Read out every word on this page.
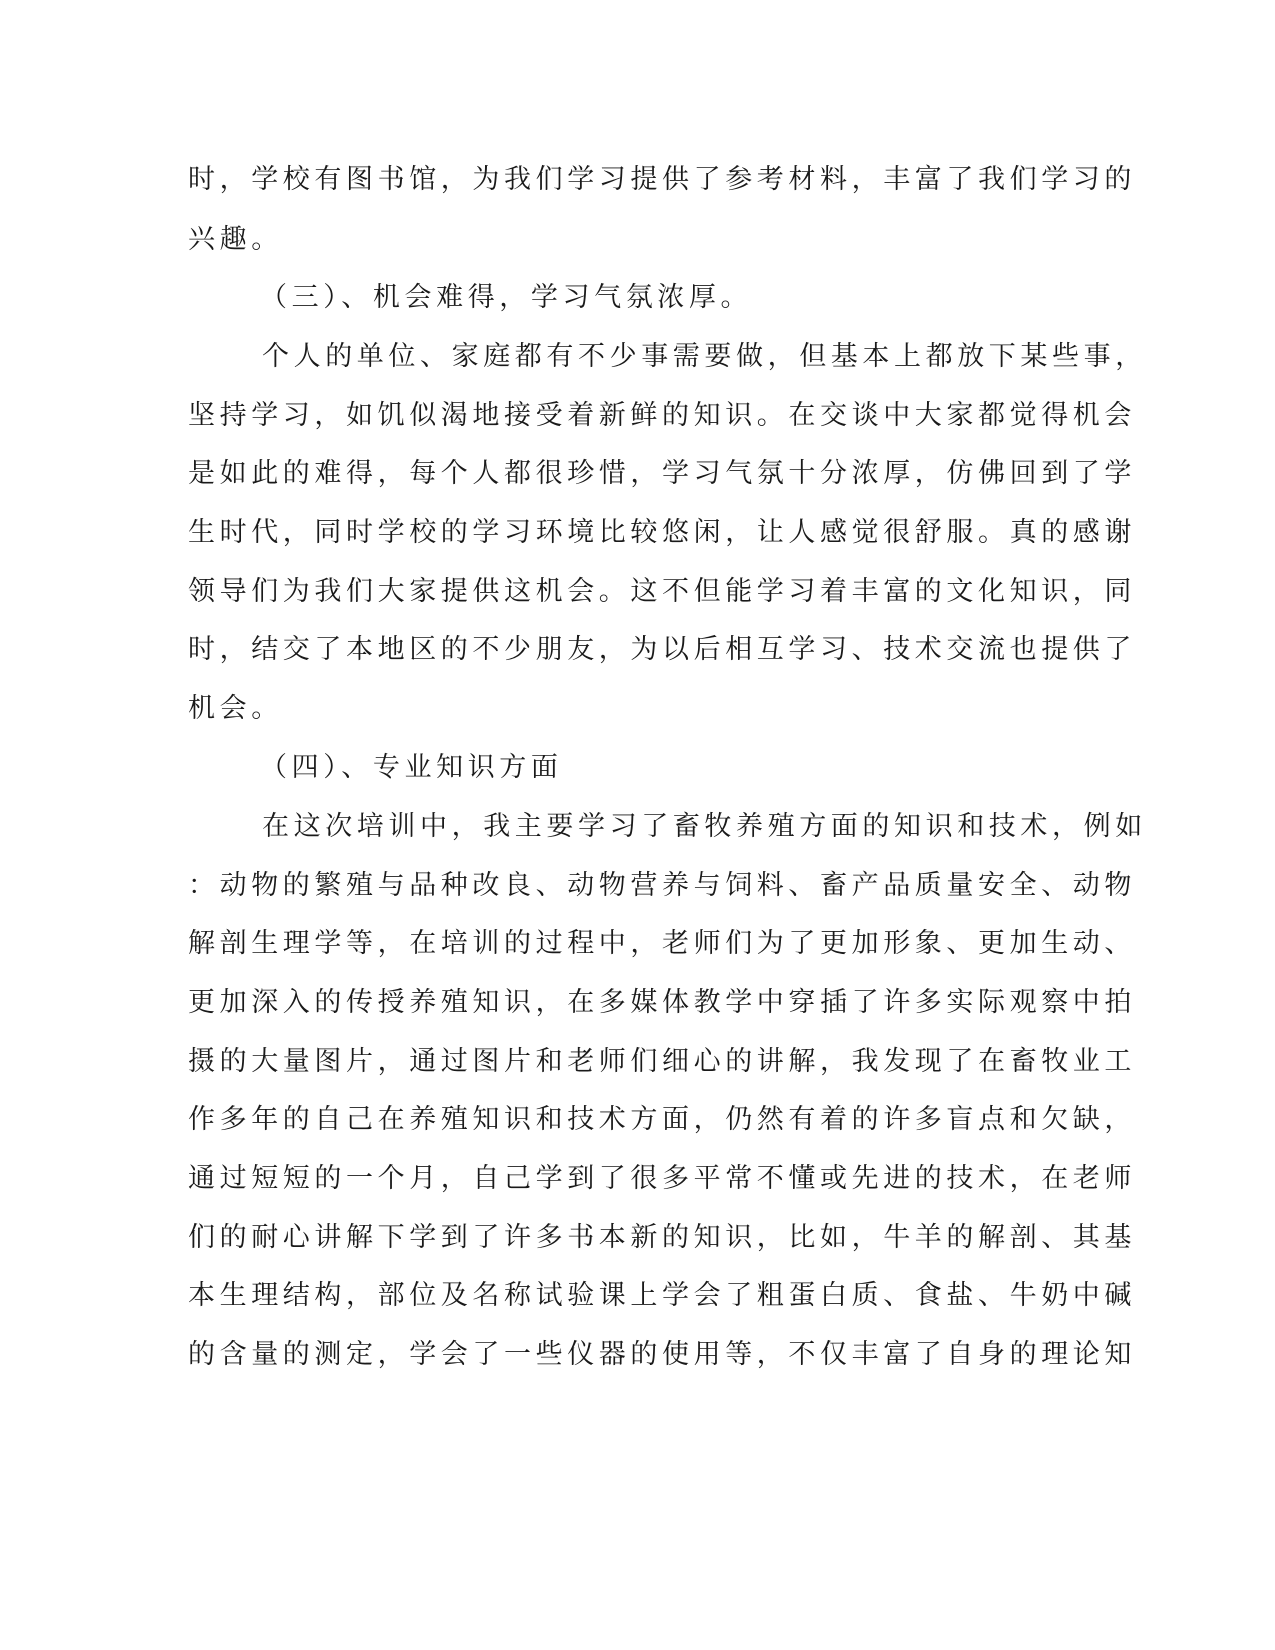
时，学校有图书馆，为我们学习提供了参考材料，丰富了我们学习的
兴趣。
（三）、机会难得，学习气氛浓厚。
个人的单位、家庭都有不少事需要做，但基本上都放下某些事，
坚持学习，如饥似渴地接受着新鲜的知识。在交谈中大家都觉得机会
是如此的难得，每个人都很珍惜，学习气氛十分浓厚，仿佛回到了学
生时代，同时学校的学习环境比较悠闲，让人感觉很舒服。真的感谢
领导们为我们大家提供这机会。这不但能学习着丰富的文化知识，同
时，结交了本地区的不少朋友，为以后相互学习、技术交流也提供了
机会。
（四）、专业知识方面
在这次培训中，我主要学习了畜牧养殖方面的知识和技术，例如
：动物的繁殖与品种改良、动物营养与饲料、畜产品质量安全、动物
解剖生理学等，在培训的过程中，老师们为了更加形象、更加生动、
更加深入的传授养殖知识，在多媒体教学中穿插了许多实际观察中拍
摄的大量图片，通过图片和老师们细心的讲解，我发现了在畜牧业工
作多年的自己在养殖知识和技术方面，仍然有着的许多盲点和欠缺，
通过短短的一个月，自己学到了很多平常不懂或先进的技术，在老师
们的耐心讲解下学到了许多书本新的知识，比如，牛羊的解剖、其基
本生理结构，部位及名称试验课上学会了粗蛋白质、食盐、牛奶中碱
的含量的测定，学会了一些仪器的使用等，不仅丰富了自身的理论知
